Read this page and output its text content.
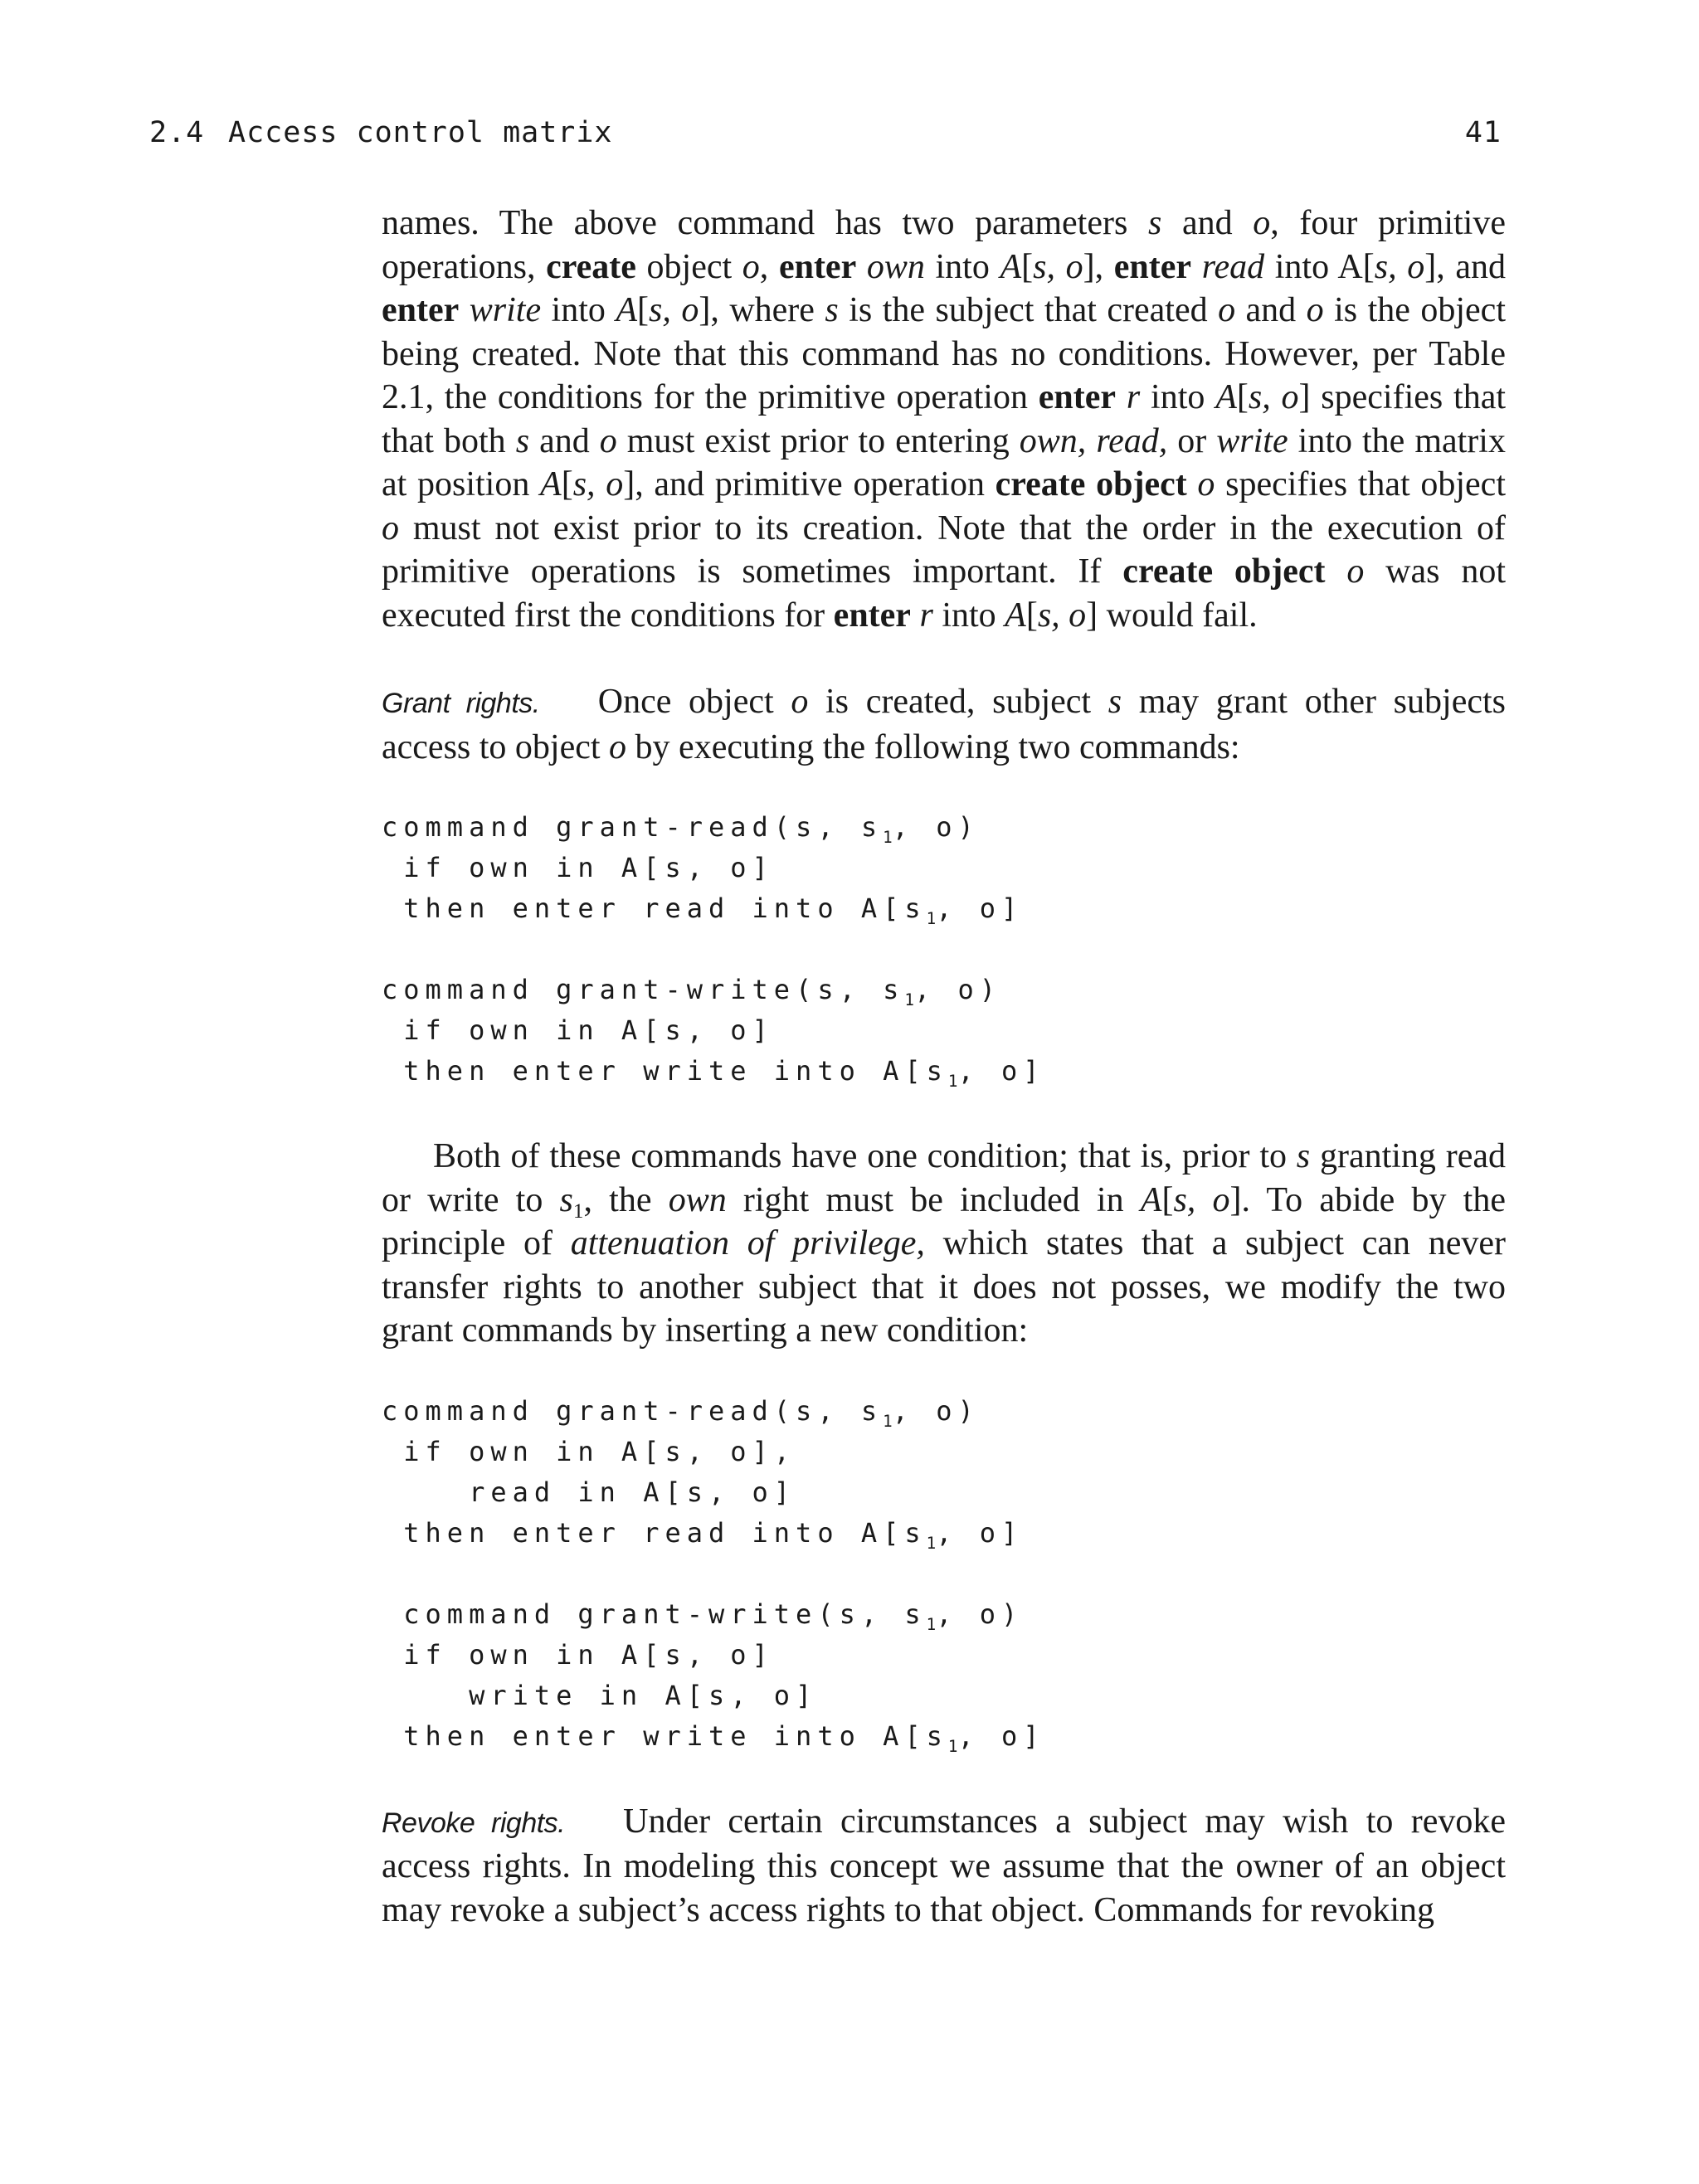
2.4 Access control matrix	41

names. The above command has two parameters s and o, four primitive operations, create object o, enter own into A[s, o], enter read into A[s, o], and enter write into A[s, o], where s is the subject that created o and o is the object being created. Note that this command has no conditions. However, per Table 2.1, the conditions for the primitive operation enter r into A[s, o] specifies that that both s and o must exist prior to entering own, read, or write into the matrix at position A[s, o], and primitive operation create object o specifies that object o must not exist prior to its creation. Note that the order in the execution of primitive operations is sometimes important. If create object o was not executed first the conditions for enter r into A[s, o] would fail.

Grant rights. Once object o is created, subject s may grant other subjects access to object o by executing the following two commands:

command grant-read(s, $s_1$, o)
if own in A[s, o]
then enter read into $A[s_1$, o]
command grant-write(s, $s_1$, o)
if own in A[s, o]
then enter write into $A[s_1$, o]

Both of these commands have one condition; that is, prior to s granting read or write to $s_1$, the own right must be included in A[s, o]. To abide by the principle of attenuation of privilege, which states that a subject can never transfer rights to another subject that it does not posses, we modify the two grant commands by inserting a new condition:

command grant-read(s, $s_1$, o)
if own in A[s, o],
read in A[s, o]
then enter read into $A[s_1$, o]
command grant-write(s, $s_1$, o)
if own in A[s, o]
write in A[s, o]
then enter write into $A[s_1$, o]

Revoke rights. Under certain circumstances a subject may wish to revoke access rights. In modeling this concept we assume that the owner of an object may revoke a subject’s access rights to that object. Commands for revoking
